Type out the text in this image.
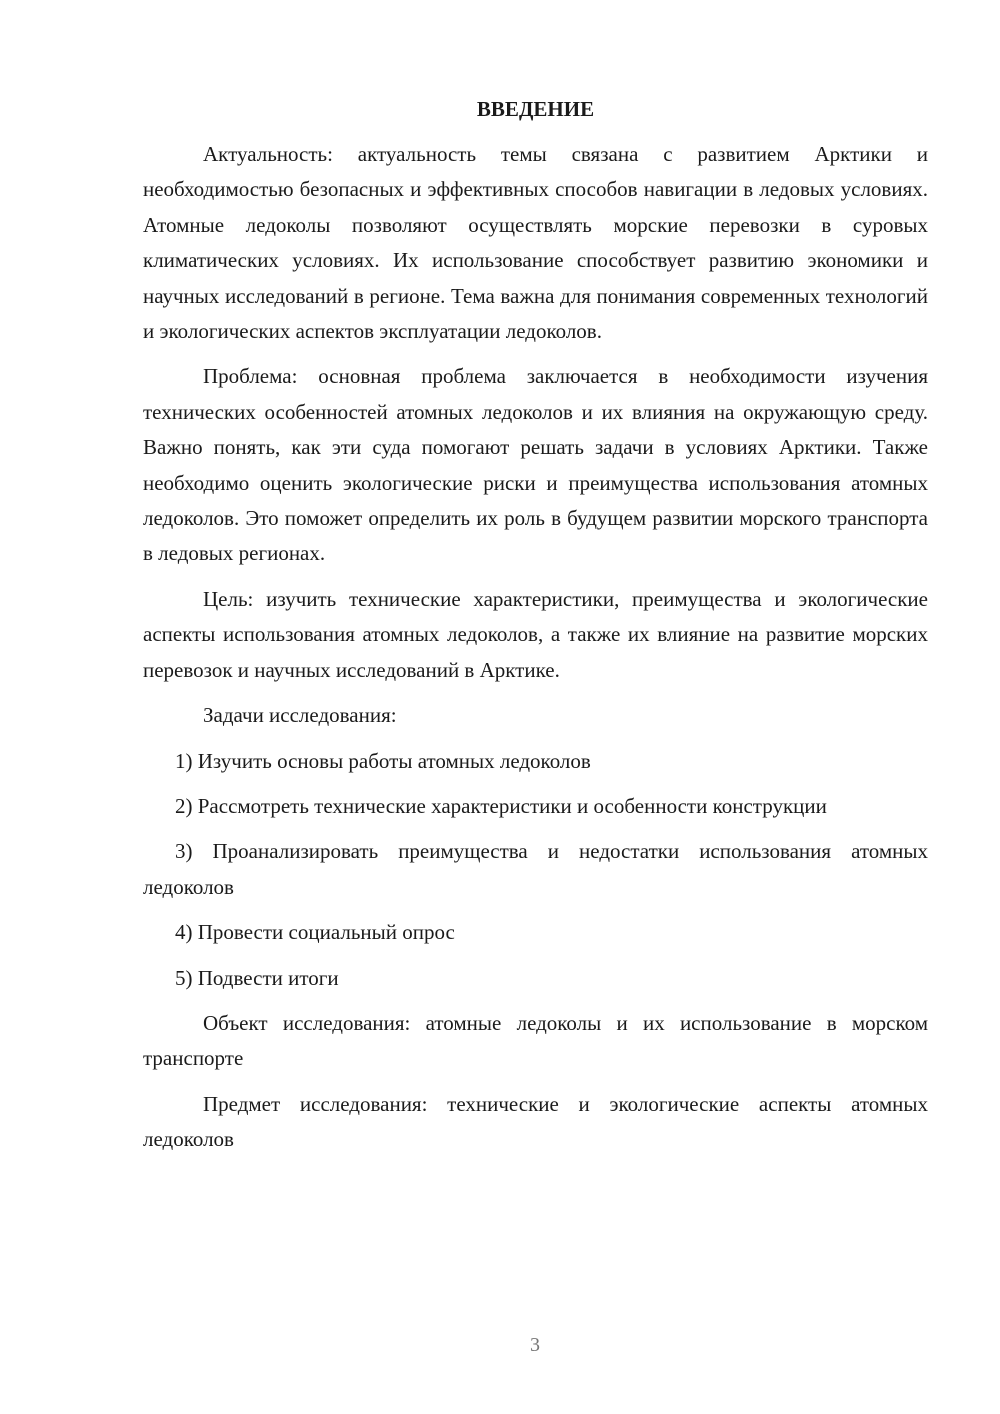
ВВЕДЕНИЕ

Актуальность: актуальность темы связана с развитием Арктики и необходимостью безопасных и эффективных способов навигации в ледовых условиях. Атомные ледоколы позволяют осуществлять морские перевозки в суровых климатических условиях. Их использование способствует развитию экономики и научных исследований в регионе. Тема важна для понимания современных технологий и экологических аспектов эксплуатации ледоколов.

Проблема: основная проблема заключается в необходимости изучения технических особенностей атомных ледоколов и их влияния на окружающую среду. Важно понять, как эти суда помогают решать задачи в условиях Арктики. Также необходимо оценить экологические риски и преимущества использования атомных ледоколов. Это поможет определить их роль в будущем развитии морского транспорта в ледовых регионах.

Цель: изучить технические характеристики, преимущества и экологические аспекты использования атомных ледоколов, а также их влияние на развитие морских перевозок и научных исследований в Арктике.

Задачи исследования:

1) Изучить основы работы атомных ледоколов

2) Рассмотреть технические характеристики и особенности конструкции

3) Проанализировать преимущества и недостатки использования атомных ледоколов

4) Провести социальный опрос

5) Подвести итоги

Объект исследования: атомные ледоколы и их использование в морском транспорте

Предмет исследования: технические и экологические аспекты атомных ледоколов

3
